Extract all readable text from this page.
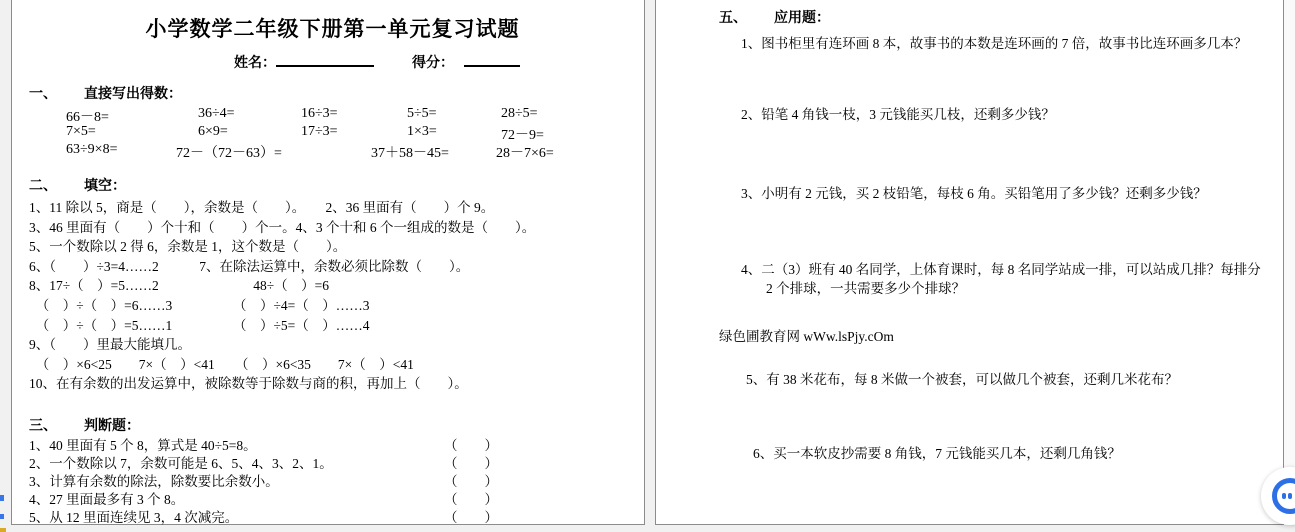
小学数学二年级下册第一单元复习试题
姓名：	得分：
一、 直接写出得数：
66－8=	36÷4=	16÷3=	5÷5=	28÷5=
7×5=	6×9=	17÷3=	1×3=	72－9=
63÷9×8=	72－（72－63）=	37＋58－45=	28－7×6=
二、 填空：
1、11 除以 5，商是（　　），余数是（　　）。　　2、36 里面有（　　）个 9。
3、46 里面有（　　）个十和（　　）个一。4、3 个十和 6 个一组成的数是（　　）。
5、一个数除以 2 得 6，余数是 1，这个数是（　　）。
6、（　　）÷3=4……2　　　7、在除法运算中，余数必须比除数（　　）。
8、17÷（　）=5……2　　　　　　　48÷（　）=6
　（　）÷（　）=6……3　　　　　（　）÷4=（　）……3
　（　）÷（　）=5……1　　　　　（　）÷5=（　）……4
9、（　　）里最大能填几。
　（　）×6<25　　7×（　）<41　　（　）×6<35　　7×（　）<41
10、在有余数的出发运算中，被除数等于除数与商的积，再加上（　　）。
三、 判断题：
1、40 里面有 5 个 8，算式是 40÷5=8。	（　　）
2、一个数除以 7，余数可能是 6、5、4、3、2、1。	（　　）
3、计算有余数的除法，除数要比余数小。	（　　）
4、27 里面最多有 3 个 8。	（　　）
5、从 12 里面连续见 3，4 次减完。	（　　）
五、 应用题：
1、图书柜里有连环画 8 本，故事书的本数是连环画的 7 倍，故事书比连环画多几本？
2、铅笔 4 角钱一枝，3 元钱能买几枝，还剩多少钱？
3、小明有 2 元钱，买 2 枝铅笔，每枝 6 角。买铅笔用了多少钱？还剩多少钱？
4、二（3）班有 40 名同学，上体育课时，每 8 名同学站成一排，可以站成几排？每排分 2 个排球，一共需要多少个排球？
绿色圃教育网 wWw.lsPjy.cOm
5、有 38 米花布，每 8 米做一个被套，可以做几个被套，还剩几米花布？
6、买一本软皮抄需要 8 角钱，7 元钱能买几本，还剩几角钱？
